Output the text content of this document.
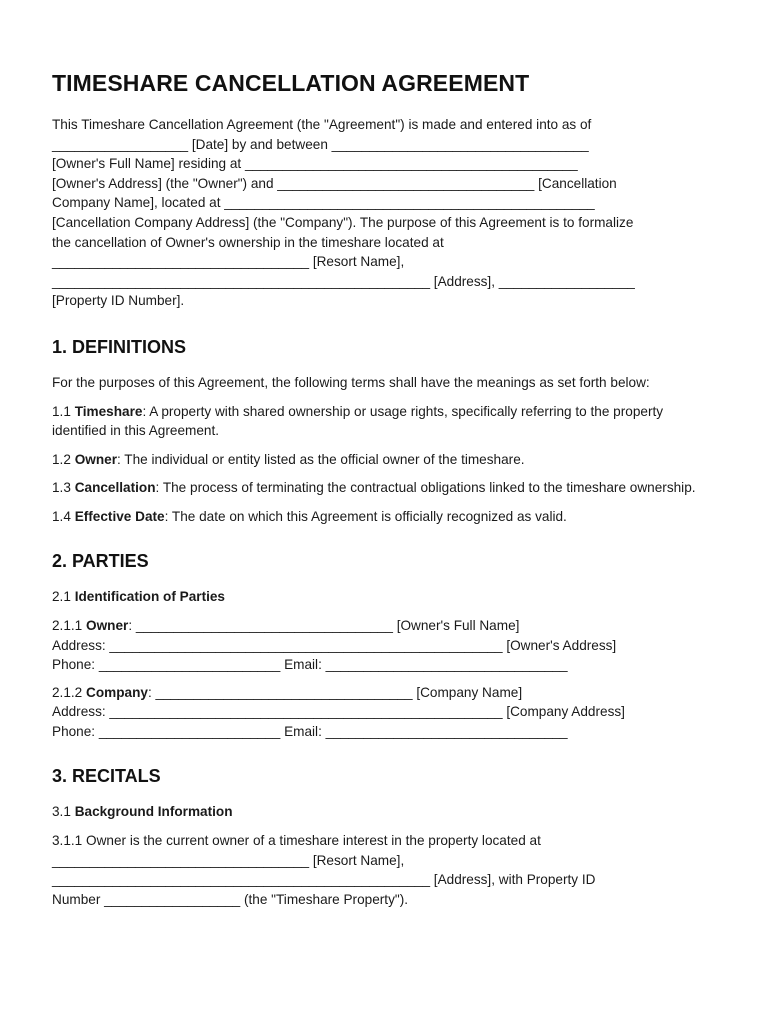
TIMESHARE CANCELLATION AGREEMENT

This Timeshare Cancellation Agreement (the "Agreement") is made and entered into as of
__________________ [Date] by and between __________________________________
[Owner's Full Name] residing at ____________________________________________
[Owner's Address] (the "Owner") and __________________________________ [Cancellation
Company Name], located at _________________________________________________
[Cancellation Company Address] (the "Company"). The purpose of this Agreement is to formalize
the cancellation of Owner's ownership in the timeshare located at
__________________________________ [Resort Name],
__________________________________________________ [Address], __________________
[Property ID Number].

1. DEFINITIONS

For the purposes of this Agreement, the following terms shall have the meanings as set forth below:

1.1 Timeshare: A property with shared ownership or usage rights, specifically referring to the property identified in this Agreement.

1.2 Owner: The individual or entity listed as the official owner of the timeshare.

1.3 Cancellation: The process of terminating the contractual obligations linked to the timeshare ownership.

1.4 Effective Date: The date on which this Agreement is officially recognized as valid.

2. PARTIES

2.1 Identification of Parties

2.1.1 Owner: __________________________________ [Owner's Full Name]
Address: ____________________________________________________ [Owner's Address]
Phone: ________________________ Email: ________________________________

2.1.2 Company: __________________________________ [Company Name]
Address: ____________________________________________________ [Company Address]
Phone: ________________________ Email: ________________________________

3. RECITALS

3.1 Background Information

3.1.1 Owner is the current owner of a timeshare interest in the property located at
__________________________________ [Resort Name],
__________________________________________________ [Address], with Property ID
Number __________________ (the "Timeshare Property").
